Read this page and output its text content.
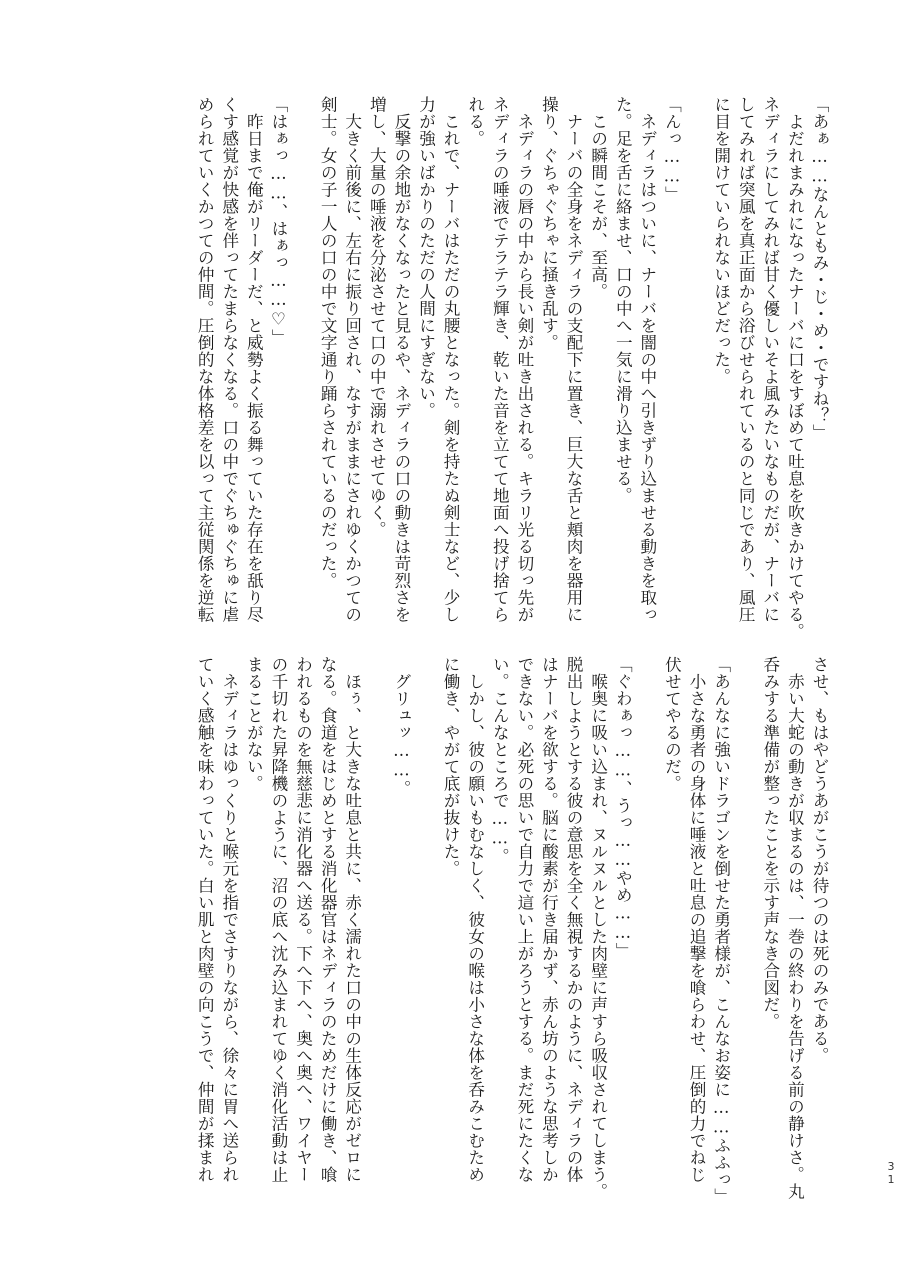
「あぁ……なんともみ・じ・め・ですね？」

　よだれまみれになったナーバに口をすぼめて吐息を吹きかけてやる。

ネディラにしてみれば甘く優しいそよ風みたいなものだが、ナーバに

してみれば突風を真正面から浴びせられているのと同じであり、風圧

に目を開けていられないほどだった。

「んっ……」

　ネディラはついに、ナーバを闇の中へ引きずり込ませる動きを取っ

た。足を舌に絡ませ、口の中へ一気に滑り込ませる。

　この瞬間こそが、至高。

　ナーバの全身をネディラの支配下に置き、巨大な舌と頬肉を器用に

操り、ぐちゃぐちゃに掻き乱す。

　ネディラの唇の中から長い剣が吐き出される。キラリ光る切っ先が

ネディラの唾液でテラテラ輝き、乾いた音を立てて地面へ投げ捨てら

れる。

　これで、ナーバはただの丸腰となった。剣を持たぬ剣士など、少し

力が強いばかりのただの人間にすぎない。

　反撃の余地がなくなったと見るや、ネディラの口の動きは苛烈さを

増し、大量の唾液を分泌させて口の中で溺れさせてゆく。

　大きく前後に、左右に振り回され、なすがままにされゆくかつての

剣士。女の子一人の口の中で文字通り踊らされているのだった。

「はぁっ……、はぁっ……♡」

　昨日まで俺がリーダーだ、と威勢よく振る舞っていた存在を舐り尽

くす感覚が快感を伴ってたまらなくなる。口の中でぐちゅぐちゅに虐

められていくかつての仲間。圧倒的な体格差を以って主従関係を逆転

させ、もはやどうあがこうが待つのは死のみである。

　赤い大蛇の動きが収まるのは、一巻の終わりを告げる前の静けさ。丸

呑みする準備が整ったことを示す声なき合図だ。

「あんなに強いドラゴンを倒せた勇者様が、こんなお姿に……ふふっ」

　小さな勇者の身体に唾液と吐息の追撃を喰らわせ、圧倒的力でねじ

伏せてやるのだ。

「ぐわぁっ……、うっ……やめ……」

　喉奥に吸い込まれ、ヌルヌルとした肉壁に声すら吸収されてしまう。

脱出しようとする彼の意思を全く無視するかのように、ネディラの体

はナーバを欲する。脳に酸素が行き届かず、赤ん坊のような思考しか

できない。必死の思いで自力で這い上がろうとする。まだ死にたくな

い。こんなところで……。

　しかし、彼の願いもむなしく、彼女の喉は小さな体を呑みこむため

に働き、やがて底が抜けた。

　グリュッ……。

　ほぅ、と大きな吐息と共に、赤く濡れた口の中の生体反応がゼロに

なる。食道をはじめとする消化器官はネディラのためだけに働き、喰

われるものを無慈悲に消化器へ送る。下へ下へ、奥へ奥へ、ワイヤー

の千切れた昇降機のように、沼の底へ沈み込まれてゆく消化活動は止

まることがない。

　ネディラはゆっくりと喉元を指でさすりながら、徐々に胃へ送られ

ていく感触を味わっていた。白い肌と肉壁の向こうで、仲間が揉まれ	3
1
